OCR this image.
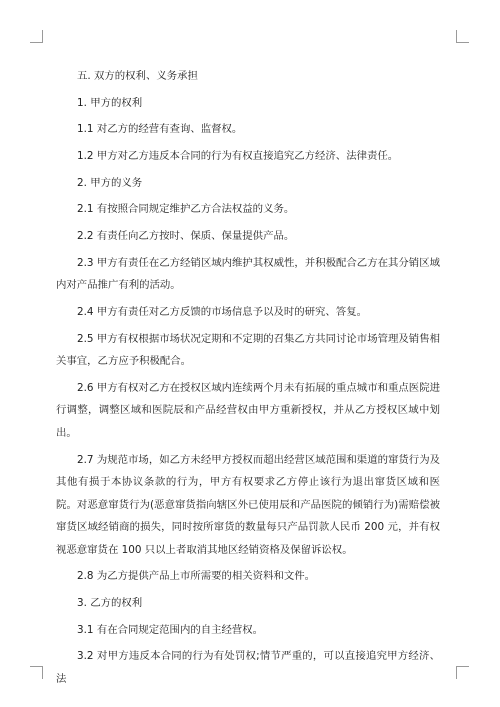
五. 双方的权利、义务承担

1. 甲方的权利

1.1 对乙方的经营有查询、监督权。

1.2 甲方对乙方违反本合同的行为有权直接追究乙方经济、法律责任。

2. 甲方的义务

2.1 有按照合同规定维护乙方合法权益的义务。

2.2 有责任向乙方按时、保质、保量提供产品。

2.3 甲方有责任在乙方经销区域内维护其权威性，并积极配合乙方在其分销区域内对产品推广有利的活动。

2.4 甲方有责任对乙方反馈的市场信息予以及时的研究、答复。

2.5 甲方有权根据市场状况定期和不定期的召集乙方共同讨论市场管理及销售相关事宜，乙方应予积极配合。

2.6 甲方有权对乙方在授权区域内连续两个月未有拓展的重点城市和重点医院进行调整，调整区域和医院辰和产品经营权由甲方重新授权，并从乙方授权区域中划出。

2.7 为规范市场，如乙方未经甲方授权而超出经营区域范围和渠道的窜货行为及其他有损于本协议条款的行为，甲方有权要求乙方停止该行为退出窜货区域和医院。对恶意窜货行为(恶意窜货指向辖区外已使用辰和产品医院的倾销行为)需赔偿被窜货区域经销商的损失，同时按所窜货的数量每只产品罚款人民币 200 元，并有权视恶意窜货在 100 只以上者取消其地区经销资格及保留诉讼权。

2.8 为乙方提供产品上市所需要的相关资料和文件。

3. 乙方的权利

3.1 有在合同规定范围内的自主经营权。

3.2 对甲方违反本合同的行为有处罚权;情节严重的，可以直接追究甲方经济、法
